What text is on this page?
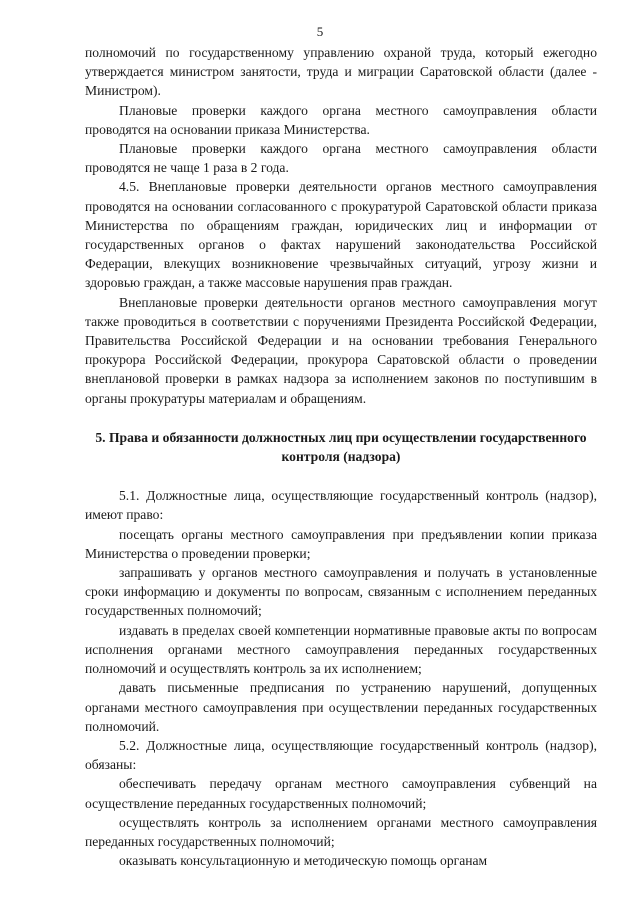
5

полномочий по государственному управлению охраной труда, который ежегодно утверждается министром занятости, труда и миграции Саратовской области (далее - Министром).

Плановые проверки каждого органа местного самоуправления области проводятся на основании приказа Министерства.

Плановые проверки каждого органа местного самоуправления области проводятся не чаще 1 раза в 2 года.

4.5. Внеплановые проверки деятельности органов местного самоуправления проводятся на основании согласованного с прокуратурой Саратовской области приказа Министерства по обращениям граждан, юридических лиц и информации от государственных органов о фактах нарушений законодательства Российской Федерации, влекущих возникновение чрезвычайных ситуаций, угрозу жизни и здоровью граждан, а также массовые нарушения прав граждан.

Внеплановые проверки деятельности органов местного самоуправления могут также проводиться в соответствии с поручениями Президента Российской Федерации, Правительства Российской Федерации и на основании требования Генерального прокурора Российской Федерации, прокурора Саратовской области о проведении внеплановой проверки в рамках надзора за исполнением законов по поступившим в органы прокуратуры материалам и обращениям.

5. Права и обязанности должностных лиц при осуществлении государственного контроля (надзора)

5.1. Должностные лица, осуществляющие государственный контроль (надзор), имеют право:

посещать органы местного самоуправления при предъявлении копии приказа Министерства о проведении проверки;

запрашивать у органов местного самоуправления и получать в установленные сроки информацию и документы по вопросам, связанным с исполнением переданных государственных полномочий;

издавать в пределах своей компетенции нормативные правовые акты по вопросам исполнения органами местного самоуправления переданных государственных полномочий и осуществлять контроль за их исполнением;

давать письменные предписания по устранению нарушений, допущенных органами местного самоуправления при осуществлении переданных государственных полномочий.

5.2. Должностные лица, осуществляющие государственный контроль (надзор), обязаны:

обеспечивать передачу органам местного самоуправления субвенций на осуществление переданных государственных полномочий;

осуществлять контроль за исполнением органами местного самоуправления переданных государственных полномочий;

оказывать консультационную и методическую помощь органам
